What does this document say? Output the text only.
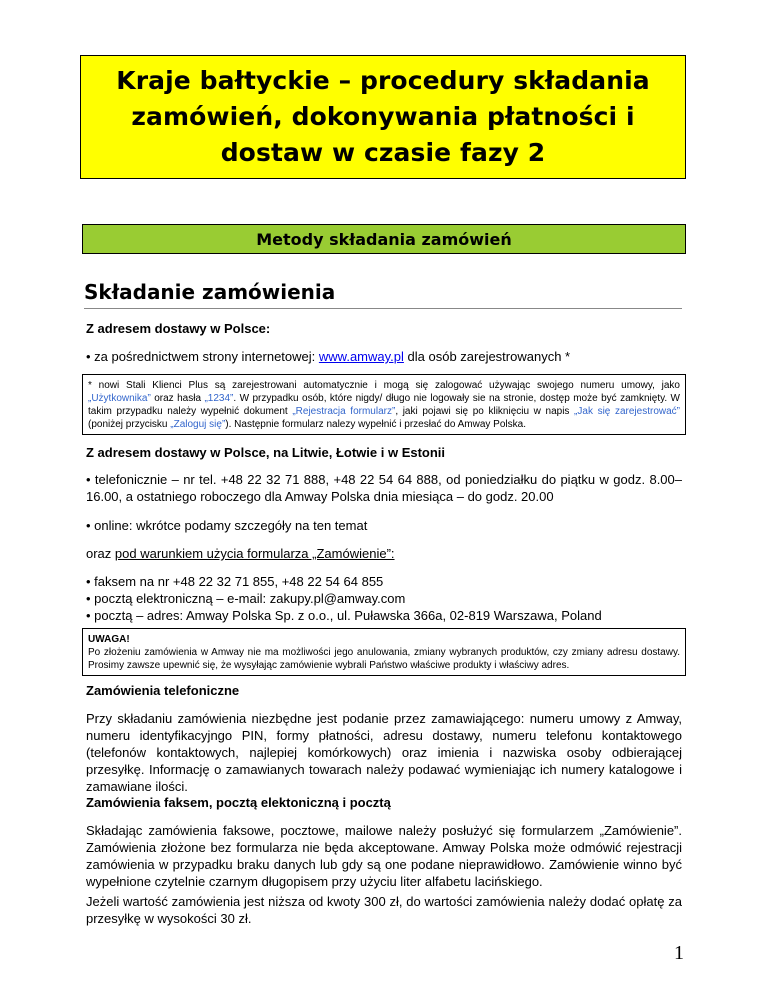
Kraje bałtyckie – procedury składania zamówień, dokonywania płatności i dostaw w czasie fazy 2
Metody składania zamówień
Składanie zamówienia
Z adresem dostawy w Polsce:
• za pośrednictwem strony internetowej: www.amway.pl dla osób zarejestrowanych *
* nowi Stali Klienci Plus są zarejestrowani automatycznie i mogą się zalogować używając swojego numeru umowy, jako „Użytkownika” oraz hasła „1234”. W przypadku osób, które nigdy/ długo nie logowały sie na stronie, dostęp może być zamknięty. W takim przypadku należy wypełnić dokument „Rejestracja formularz”, jaki pojawi się po kliknięciu w napis „Jak się zarejestrować” (poniżej przycisku „Zaloguj się”). Następnie formularz nalezy wypełnić i przesłać do Amway Polska.
Z adresem dostawy w Polsce, na Litwie, Łotwie i w Estonii
• telefonicznie – nr tel. +48 22 32 71 888, +48 22 54 64 888, od poniedziałku do piątku w godz. 8.00–16.00, a ostatniego roboczego dla Amway Polska dnia miesiąca – do godz. 20.00
• online: wkrótce podamy szczegóły na ten temat
oraz pod warunkiem użycia formularza „Zamówienie”:
• faksem na nr +48 22 32 71 855, +48 22 54 64 855
• pocztą elektroniczną – e-mail: zakupy.pl@amway.com
• pocztą – adres: Amway Polska Sp. z o.o., ul. Puławska 366a, 02-819 Warszawa, Poland
UWAGA!
Po złożeniu zamówienia w Amway nie ma możliwości jego anulowania, zmiany wybranych produktów, czy zmiany adresu dostawy. Prosimy zawsze upewnić się, że wysyłając zamówienie wybrali Państwo właściwe produkty i właściwy adres.
Zamówienia telefoniczne
Przy składaniu zamówienia niezbędne jest podanie przez zamawiającego: numeru umowy z Amway, numeru identyfikacyjngo PIN, formy płatności, adresu dostawy, numeru telefonu kontaktowego (telefonów kontaktowych, najlepiej komórkowych) oraz imienia i nazwiska osoby odbierającej przesyłkę. Informację o zamawianych towarach należy podawać wymieniając ich numery katalogowe i zamawiane ilości.
Zamówienia faksem, pocztą elektoniczną i pocztą
Składając zamówienia faksowe, pocztowe, mailowe należy posłużyć się formularzem „Zamówienie”. Zamówienia złożone bez formularza nie będa akceptowane. Amway Polska może odmówić rejestracji zamówienia w przypadku braku danych lub gdy są one podane nieprawidłowo. Zamówienie winno być wypełnione czytelnie czarnym długopisem przy użyciu liter alfabetu lacińskiego.
Jeżeli wartość zamówienia jest niższa od kwoty 300 zł, do wartości zamówienia należy dodać opłatę za przesyłkę w wysokości 30 zł.
1
